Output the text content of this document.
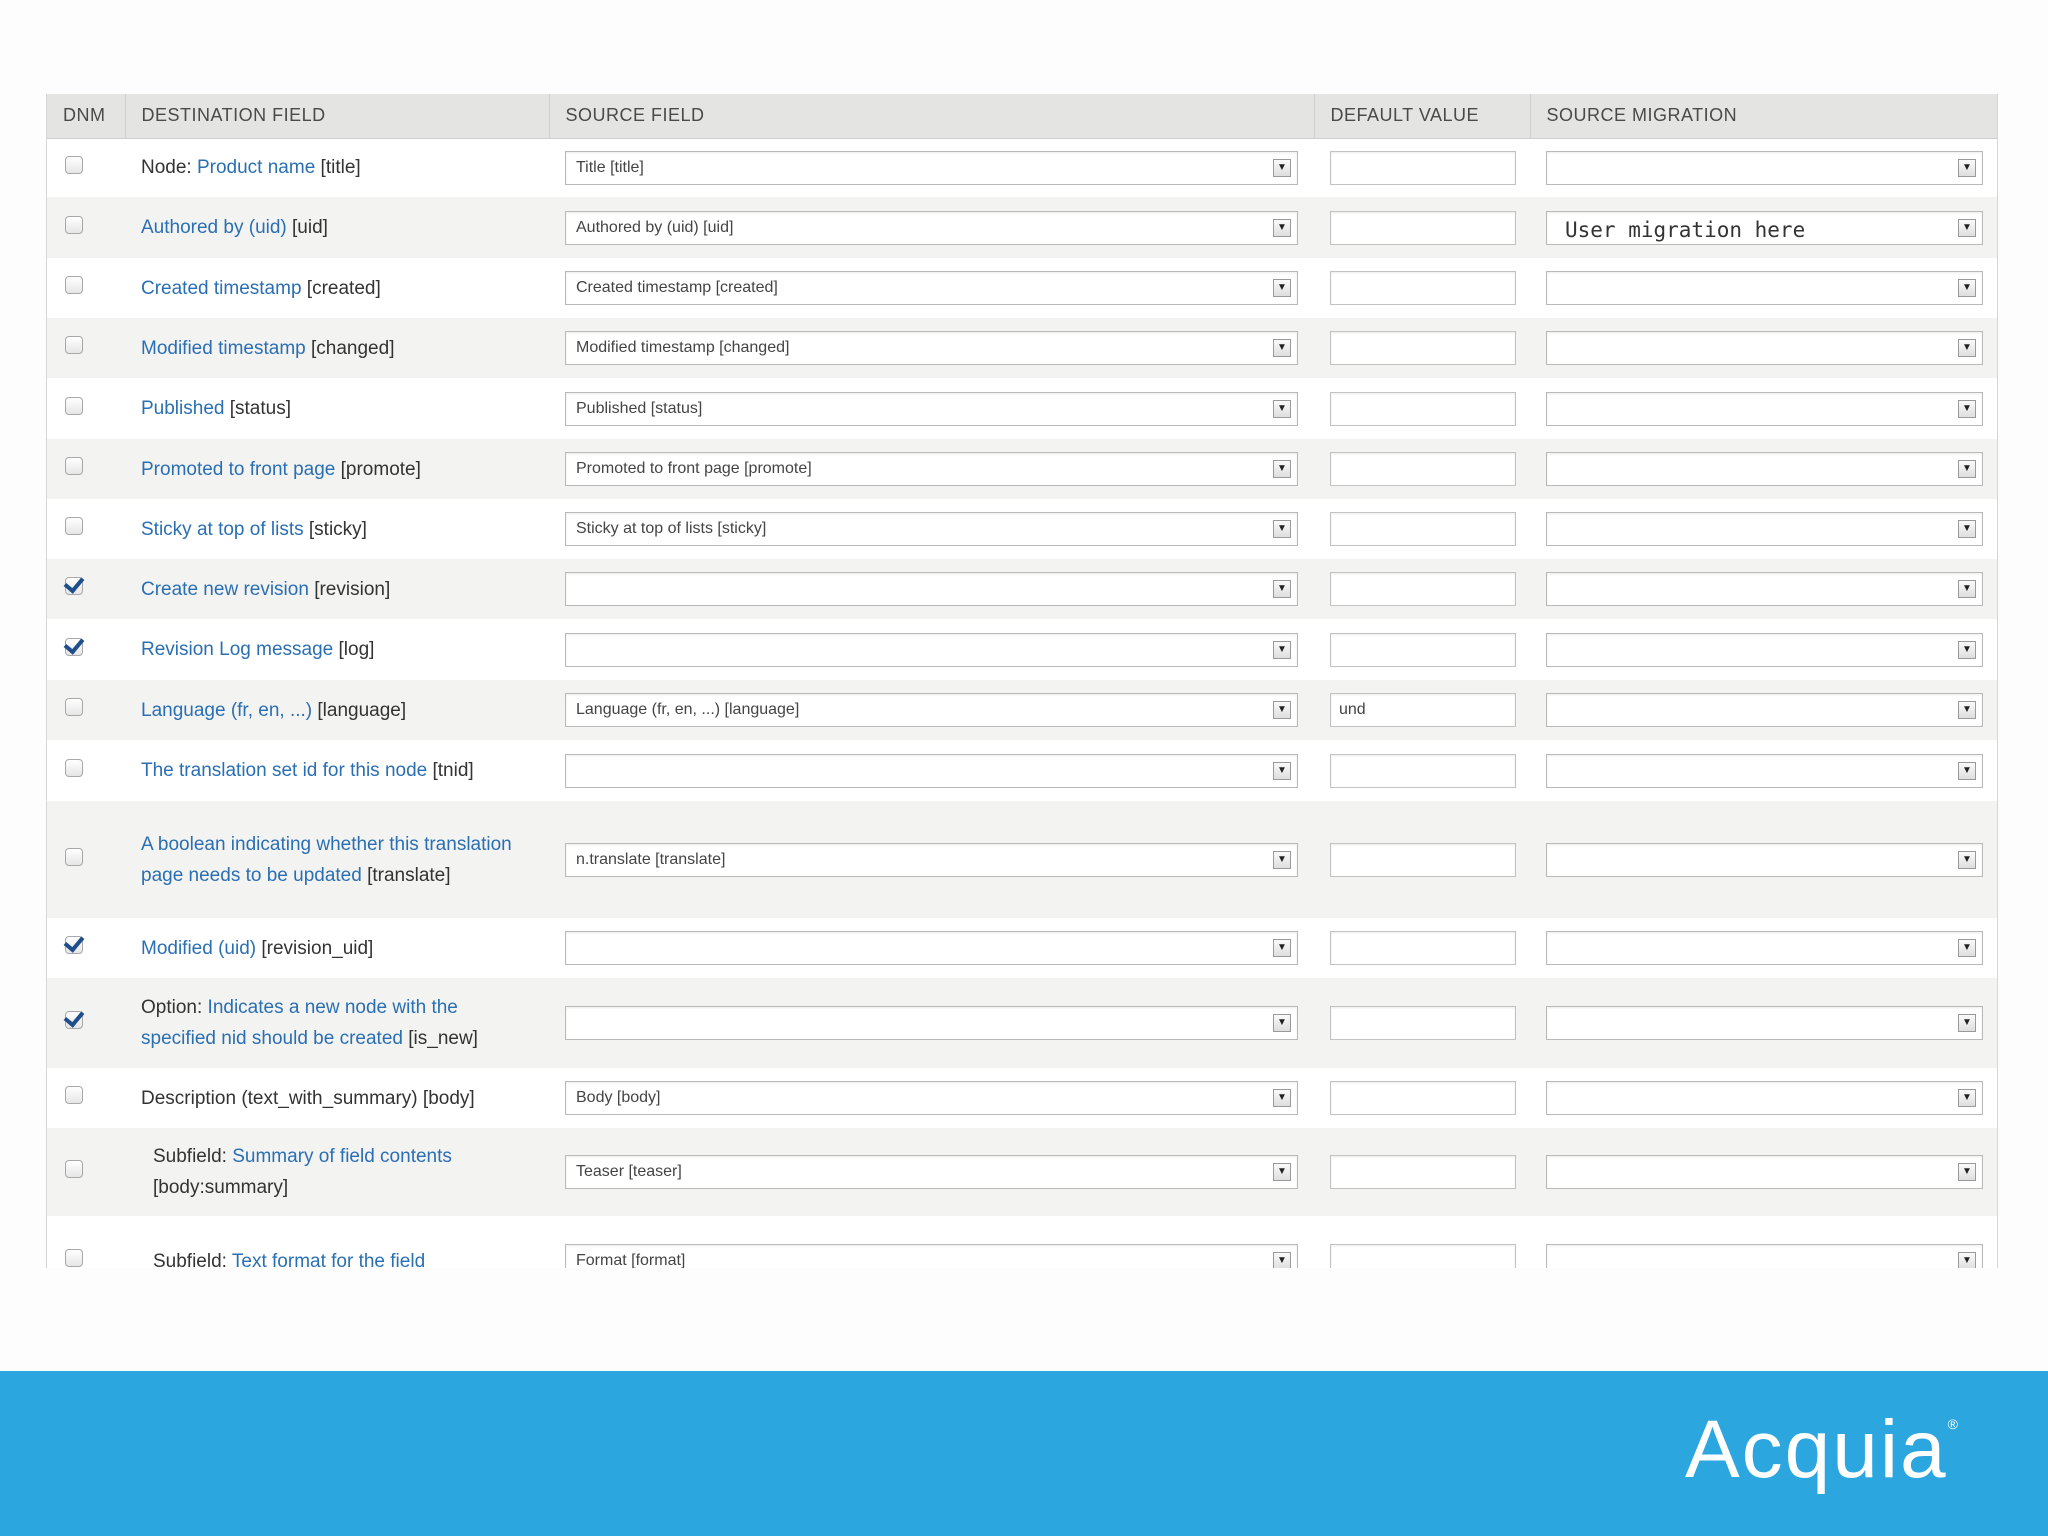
DNM	DESTINATION FIELD	SOURCE FIELD	DEFAULT VALUE	SOURCE MIGRATION

	Node: Product name [title]	Title [title] ▼		▼

	Authored by (uid) [uid]	Authored by (uid) [uid] ▼		User migration here ▼

	Created timestamp [created]	Created timestamp [created] ▼		▼

	Modified timestamp [changed]	Modified timestamp [changed] ▼		▼

	Published [status]	Published [status] ▼		▼

	Promoted to front page [promote]	Promoted to front page [promote] ▼		▼

	Sticky at top of lists [sticky]	Sticky at top of lists [sticky] ▼		▼

	Create new revision [revision]	▼		▼

	Revision Log message [log]	▼		▼

	Language (fr, en, ...) [language]	Language (fr, en, ...) [language] ▼	und	▼

	The translation set id for this node [tnid]	▼		▼

	A boolean indicating whether this translation page needs to be updated [translate]	n.translate [translate] ▼		▼

	Modified (uid) [revision_uid]	▼		▼

	Option: Indicates a new node with the specified nid should be created [is_new]	▼		▼

	Description (text_with_summary) [body]	Body [body] ▼		▼

	Subfield: Summary of field contents [body:summary]	Teaser [teaser] ▼		▼

	Subfield: Text format for the field	Format [format] ▼		▼
Acquia®
